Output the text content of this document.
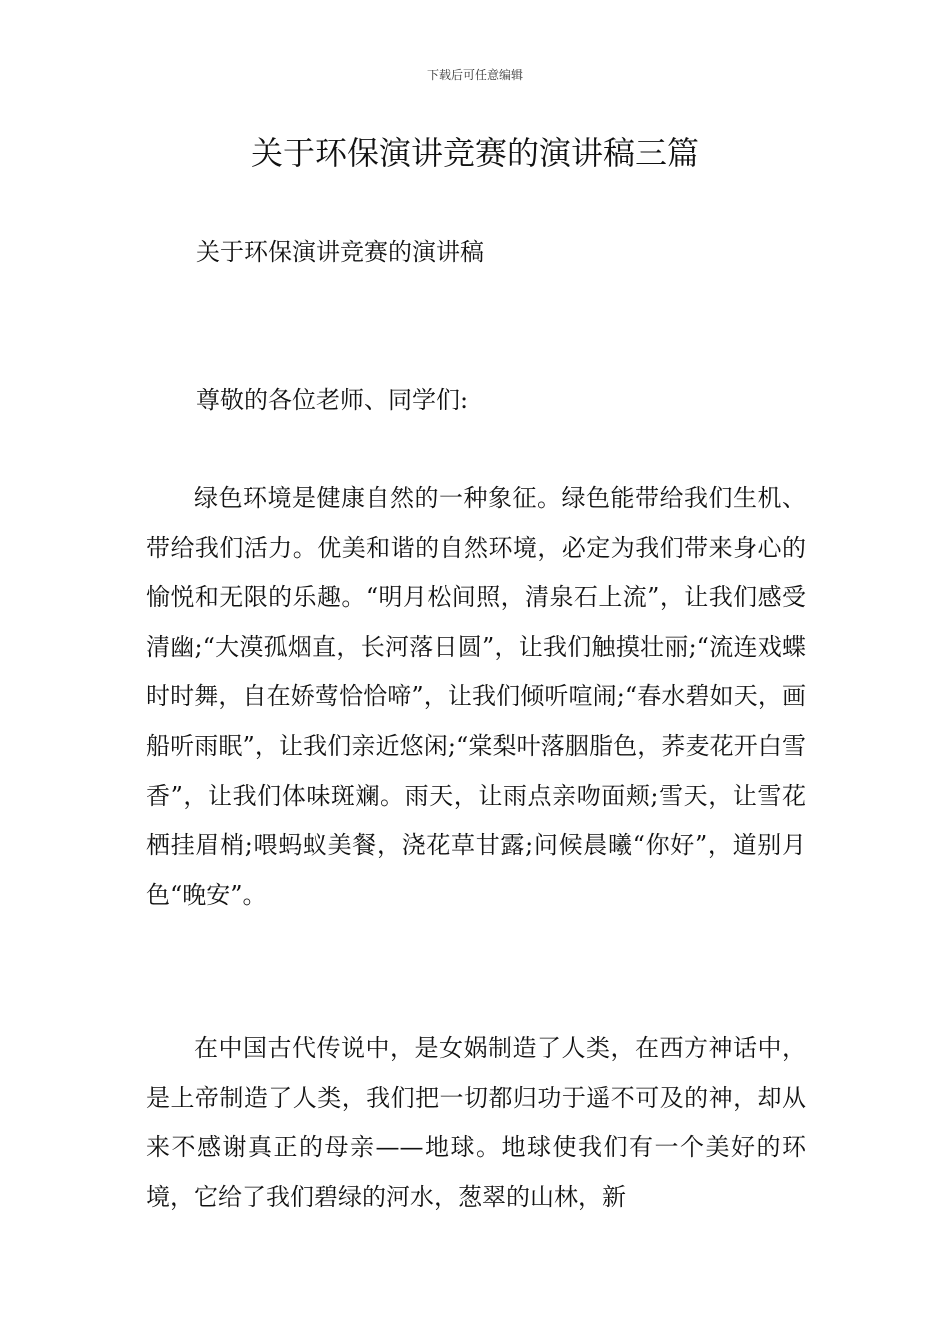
下载后可任意编辑
关于环保演讲竞赛的演讲稿三篇
关于环保演讲竞赛的演讲稿
尊敬的各位老师、同学们:

绿色环境是健康自然的一种象征。绿色能带给我们生机、带给我们活力。优美和谐的自然环境，必定为我们带来身心的愉悦和无限的乐趣。“明月松间照，清泉石上流”，让我们感受清幽;“大漠孤烟直，长河落日圆”，让我们触摸壮丽;“流连戏蝶时时舞，自在娇莺恰恰啼”，让我们倾听喧闹;“春水碧如天，画船听雨眠”，让我们亲近悠闲;“棠梨叶落胭脂色，荞麦花开白雪香”，让我们体味斑斓。雨天，让雨点亲吻面颊;雪天，让雪花栖挂眉梢;喂蚂蚁美餐，浇花草甘露;问候晨曦“你好”，道别月色“晚安”。

在中国古代传说中，是女娲制造了人类，在西方神话中，是上帝制造了人类，我们把一切都归功于遥不可及的神，却从来不感谢真正的母亲——地球。地球使我们有一个美好的环境，它给了我们碧绿的河水，葱翠的山林，新
